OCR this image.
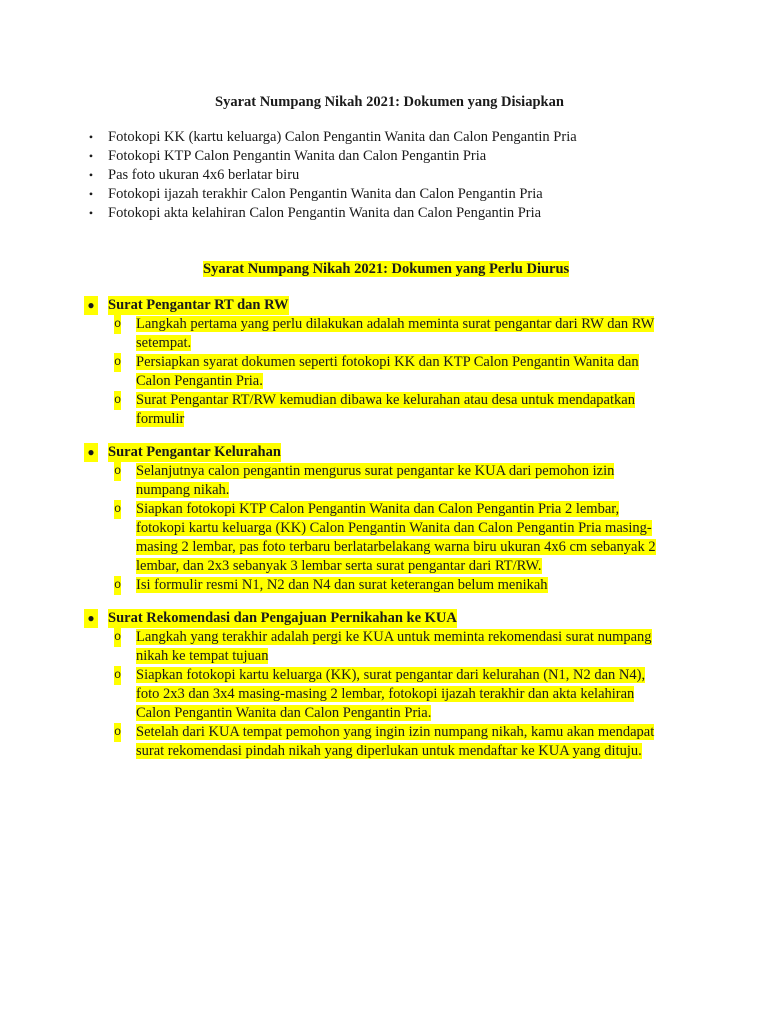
Syarat Numpang Nikah 2021: Dokumen yang Disiapkan
•	Fotokopi KK (kartu keluarga) Calon Pengantin Wanita dan Calon Pengantin Pria
•	Fotokopi KTP Calon Pengantin Wanita dan Calon Pengantin Pria
•	Pas foto ukuran 4x6 berlatar biru
•	Fotokopi ijazah terakhir Calon Pengantin Wanita dan Calon Pengantin Pria
•	Fotokopi akta kelahiran Calon Pengantin Wanita dan Calon Pengantin Pria
Syarat Numpang Nikah 2021: Dokumen yang Perlu Diurus
● Surat Pengantar RT dan RW
o Langkah pertama yang perlu dilakukan adalah meminta surat pengantar dari RW dan RW
setempat.
o Persiapkan syarat dokumen seperti fotokopi KK dan KTP Calon Pengantin Wanita dan
Calon Pengantin Pria.
o Surat Pengantar RT/RW kemudian dibawa ke kelurahan atau desa untuk mendapatkan
formulir
● Surat Pengantar Kelurahan
o Selanjutnya calon pengantin mengurus surat pengantar ke KUA dari pemohon izin
numpang nikah.
o Siapkan fotokopi KTP Calon Pengantin Wanita dan Calon Pengantin Pria 2 lembar,
fotokopi kartu keluarga (KK) Calon Pengantin Wanita dan Calon Pengantin Pria masing-
masing 2 lembar, pas foto terbaru berlatarbelakang warna biru ukuran 4x6 cm sebanyak 2
lembar, dan 2x3 sebanyak 3 lembar serta surat pengantar dari RT/RW.
o Isi formulir resmi N1, N2 dan N4 dan surat keterangan belum menikah
● Surat Rekomendasi dan Pengajuan Pernikahan ke KUA
o Langkah yang terakhir adalah pergi ke KUA untuk meminta rekomendasi surat numpang
nikah ke tempat tujuan
o Siapkan fotokopi kartu keluarga (KK), surat pengantar dari kelurahan (N1, N2 dan N4),
foto 2x3 dan 3x4 masing-masing 2 lembar, fotokopi ijazah terakhir dan akta kelahiran
Calon Pengantin Wanita dan Calon Pengantin Pria.
o Setelah dari KUA tempat pemohon yang ingin izin numpang nikah, kamu akan mendapat
surat rekomendasi pindah nikah yang diperlukan untuk mendaftar ke KUA yang dituju.
